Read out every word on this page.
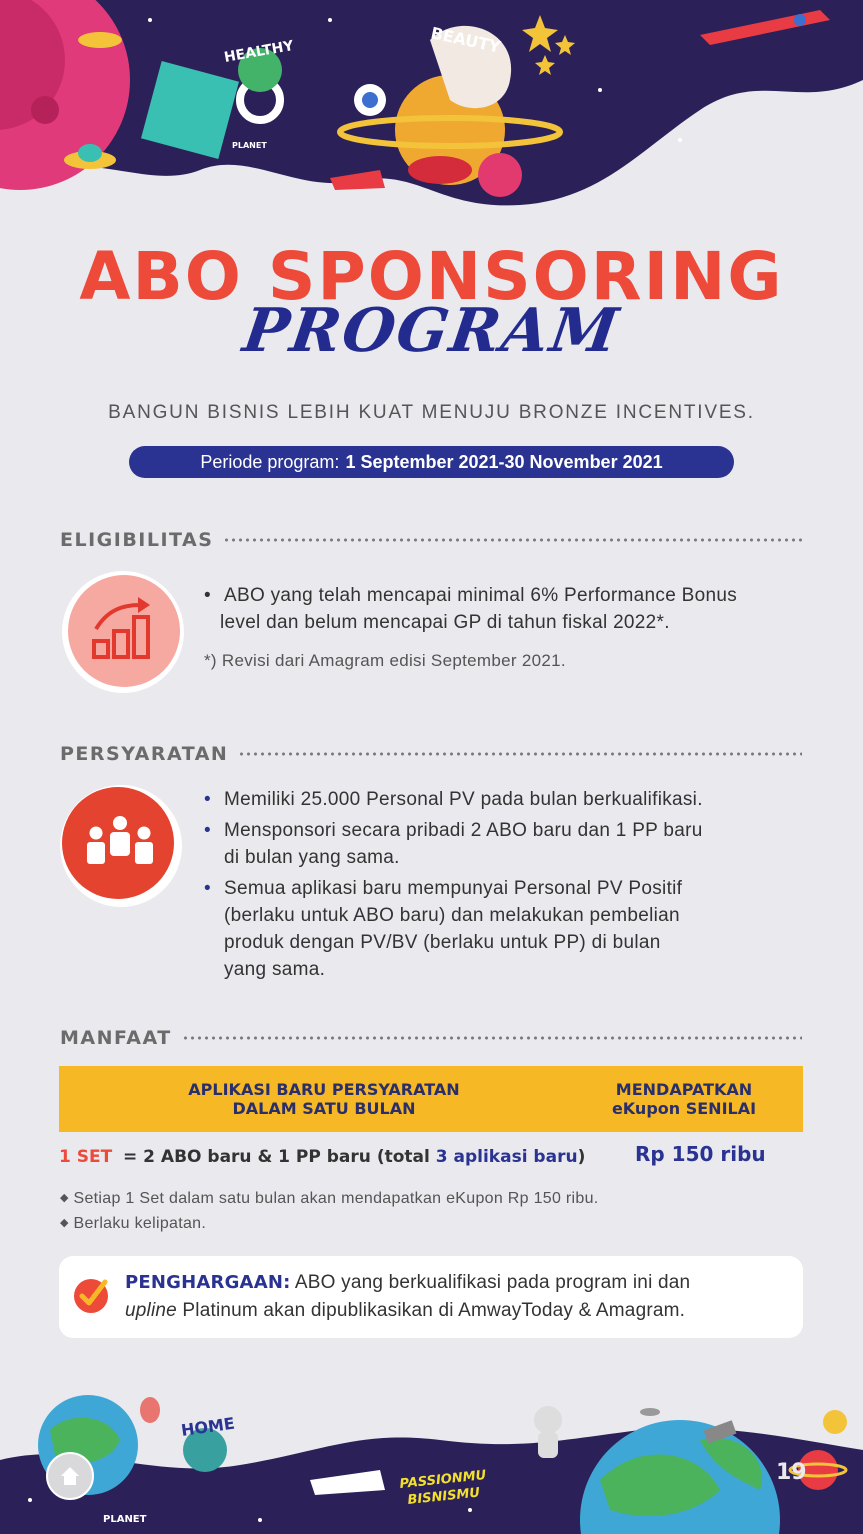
HEALTHY	BEAUTY
PLANET
ABO SPONSORING
PROGRAM
BANGUN BISNIS LEBIH KUAT MENUJU BRONZE INCENTIVES.
Periode program: 1 September 2021-30 November 2021
ELIGIBILITAS
• ABO yang telah mencapai minimal 6% Performance Bonus
level dan belum mencapai GP di tahun fiskal 2022*.
*) Revisi dari Amagram edisi September 2021.
PERSYARATAN
• Memiliki 25.000 Personal PV pada bulan berkualifikasi.
• Mensponsori secara pribadi 2 ABO baru dan 1 PP baru
di bulan yang sama.
• Semua aplikasi baru mempunyai Personal PV Positif
(berlaku untuk ABO baru) dan melakukan pembelian
produk dengan PV/BV (berlaku untuk PP) di bulan
yang sama.
MANFAAT
APLIKASI BARU PERSYARATAN
DALAM SATU BULAN
MENDAPATKAN
eKupon SENILAI
1 SET = 2 ABO baru & 1 PP baru (total 3 aplikasi baru) Rp 150 ribu
◆ Setiap 1 Set dalam satu bulan akan mendapatkan eKupon Rp 150 ribu.
◆ Berlaku kelipatan.
PENGHARGAAN: ABO yang berkualifikasi pada program ini dan
upline Platinum akan dipublikasikan di AmwayToday & Amagram.
HOME
PLANET
PASSIONMU
BISNISMU
19
